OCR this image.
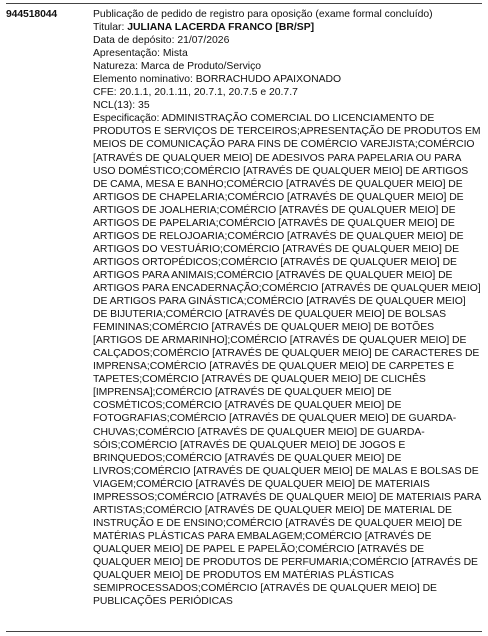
944518044	Publicação de pedido de registro para oposição (exame formal concluído)
Titular: JULIANA LACERDA FRANCO [BR/SP]
Data de depósito: 21/07/2026
Apresentação: Mista
Natureza: Marca de Produto/Serviço
Elemento nominativo: BORRACHUDO APAIXONADO
CFE: 20.1.1, 20.1.11, 20.7.1, 20.7.5 e 20.7.7
NCL(13): 35
Especificação: ADMINISTRAÇÃO COMERCIAL DO LICENCIAMENTO DE PRODUTOS E SERVIÇOS DE TERCEIROS;APRESENTAÇÃO DE PRODUTOS EM MEIOS DE COMUNICAÇÃO PARA FINS DE COMÉRCIO VAREJISTA;COMÉRCIO [ATRAVÉS DE QUALQUER MEIO] DE ADESIVOS PARA PAPELARIA OU PARA USO DOMÉSTICO;COMÉRCIO [ATRAVÉS DE QUALQUER MEIO] DE ARTIGOS DE CAMA, MESA E BANHO;COMÉRCIO [ATRAVÉS DE QUALQUER MEIO] DE ARTIGOS DE CHAPELARIA;COMÉRCIO [ATRAVÉS DE QUALQUER MEIO] DE ARTIGOS DE JOALHERIA;COMÉRCIO [ATRAVÉS DE QUALQUER MEIO] DE ARTIGOS DE PAPELARIA;COMÉRCIO [ATRAVÉS DE QUALQUER MEIO] DE ARTIGOS DE RELOJOARIA;COMÉRCIO [ATRAVÉS DE QUALQUER MEIO] DE ARTIGOS DO VESTUÁRIO;COMÉRCIO [ATRAVÉS DE QUALQUER MEIO] DE ARTIGOS ORTOPÉDICOS;COMÉRCIO [ATRAVÉS DE QUALQUER MEIO] DE ARTIGOS PARA ANIMAIS;COMÉRCIO [ATRAVÉS DE QUALQUER MEIO] DE ARTIGOS PARA ENCADERNAÇÃO;COMÉRCIO [ATRAVÉS DE QUALQUER MEIO] DE ARTIGOS PARA GINÁSTICA;COMÉRCIO [ATRAVÉS DE QUALQUER MEIO] DE BIJUTERIA;COMÉRCIO [ATRAVÉS DE QUALQUER MEIO] DE BOLSAS FEMININAS;COMÉRCIO [ATRAVÉS DE QUALQUER MEIO] DE BOTÕES [ARTIGOS DE ARMARINHO];COMÉRCIO [ATRAVÉS DE QUALQUER MEIO] DE CALÇADOS;COMÉRCIO [ATRAVÉS DE QUALQUER MEIO] DE CARACTERES DE IMPRENSA;COMÉRCIO [ATRAVÉS DE QUALQUER MEIO] DE CARPETES E TAPETES;COMÉRCIO [ATRAVÉS DE QUALQUER MEIO] DE CLICHÊS [IMPRENSA];COMÉRCIO [ATRAVÉS DE QUALQUER MEIO] DE COSMÉTICOS;COMÉRCIO [ATRAVÉS DE QUALQUER MEIO] DE FOTOGRAFIAS;COMÉRCIO [ATRAVÉS DE QUALQUER MEIO] DE GUARDA-CHUVAS;COMÉRCIO [ATRAVÉS DE QUALQUER MEIO] DE GUARDA-SÓIS;COMÉRCIO [ATRAVÉS DE QUALQUER MEIO] DE JOGOS E BRINQUEDOS;COMÉRCIO [ATRAVÉS DE QUALQUER MEIO] DE LIVROS;COMÉRCIO [ATRAVÉS DE QUALQUER MEIO] DE MALAS E BOLSAS DE VIAGEM;COMÉRCIO [ATRAVÉS DE QUALQUER MEIO] DE MATERIAIS IMPRESSOS;COMÉRCIO [ATRAVÉS DE QUALQUER MEIO] DE MATERIAIS PARA ARTISTAS;COMÉRCIO [ATRAVÉS DE QUALQUER MEIO] DE MATERIAL DE INSTRUÇÃO E DE ENSINO;COMÉRCIO [ATRAVÉS DE QUALQUER MEIO] DE MATÉRIAS PLÁSTICAS PARA EMBALAGEM;COMÉRCIO [ATRAVÉS DE QUALQUER MEIO] DE PAPEL E PAPELÃO;COMÉRCIO [ATRAVÉS DE QUALQUER MEIO] DE PRODUTOS DE PERFUMARIA;COMÉRCIO [ATRAVÉS DE QUALQUER MEIO] DE PRODUTOS EM MATÉRIAS PLÁSTICAS SEMIPROCESSADOS;COMÉRCIO [ATRAVÉS DE QUALQUER MEIO] DE PUBLICAÇÕES PERIÓDICAS
